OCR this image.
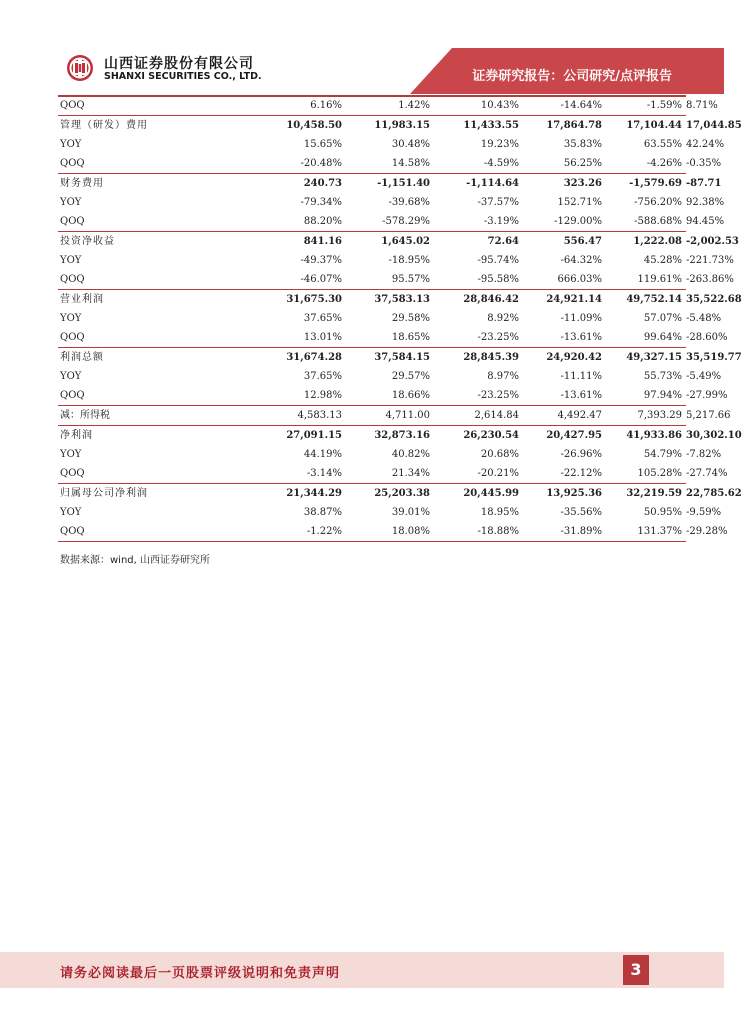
山西证券股份有限公司
SHANXI SECURITIES CO., LTD.	证券研究报告：公司研究/点评报告
QOQ		6.16%	1.42%	10.43%	-14.64%	-1.59%	8.71%
管理（研发）费用		10,458.50	11,983.15	11,433.55	17,864.78	17,104.44	17,044.85
YOY		15.65%	30.48%	19.23%	35.83%	63.55%	42.24%
QOQ		-20.48%	14.58%	-4.59%	56.25%	-4.26%	-0.35%
财务费用		240.73	-1,151.40	-1,114.64	323.26	-1,579.69	-87.71
YOY		-79.34%	-39.68%	-37.57%	152.71%	-756.20%	92.38%
QOQ		88.20%	-578.29%	-3.19%	-129.00%	-588.68%	94.45%
投资净收益		841.16	1,645.02	72.64	556.47	1,222.08	-2,002.53
YOY		-49.37%	-18.95%	-95.74%	-64.32%	45.28%	-221.73%
QOQ		-46.07%	95.57%	-95.58%	666.03%	119.61%	-263.86%
营业利润		31,675.30	37,583.13	28,846.42	24,921.14	49,752.14	35,522.68
YOY		37.65%	29.58%	8.92%	-11.09%	57.07%	-5.48%
QOQ		13.01%	18.65%	-23.25%	-13.61%	99.64%	-28.60%
利润总额		31,674.28	37,584.15	28,845.39	24,920.42	49,327.15	35,519.77
YOY		37.65%	29.57%	8.97%	-11.11%	55.73%	-5.49%
QOQ		12.98%	18.66%	-23.25%	-13.61%	97.94%	-27.99%
减：所得税		4,583.13	4,711.00	2,614.84	4,492.47	7,393.29	5,217.66
净利润		27,091.15	32,873.16	26,230.54	20,427.95	41,933.86	30,302.10
YOY		44.19%	40.82%	20.68%	-26.96%	54.79%	-7.82%
QOQ		-3.14%	21.34%	-20.21%	-22.12%	105.28%	-27.74%
归属母公司净利润		21,344.29	25,203.38	20,445.99	13,925.36	32,219.59	22,785.62
YOY		38.87%	39.01%	18.95%	-35.56%	50.95%	-9.59%
QOQ		-1.22%	18.08%	-18.88%	-31.89%	131.37%	-29.28%
数据来源：wind, 山西证券研究所
请务必阅读最后一页股票评级说明和免责声明	3
